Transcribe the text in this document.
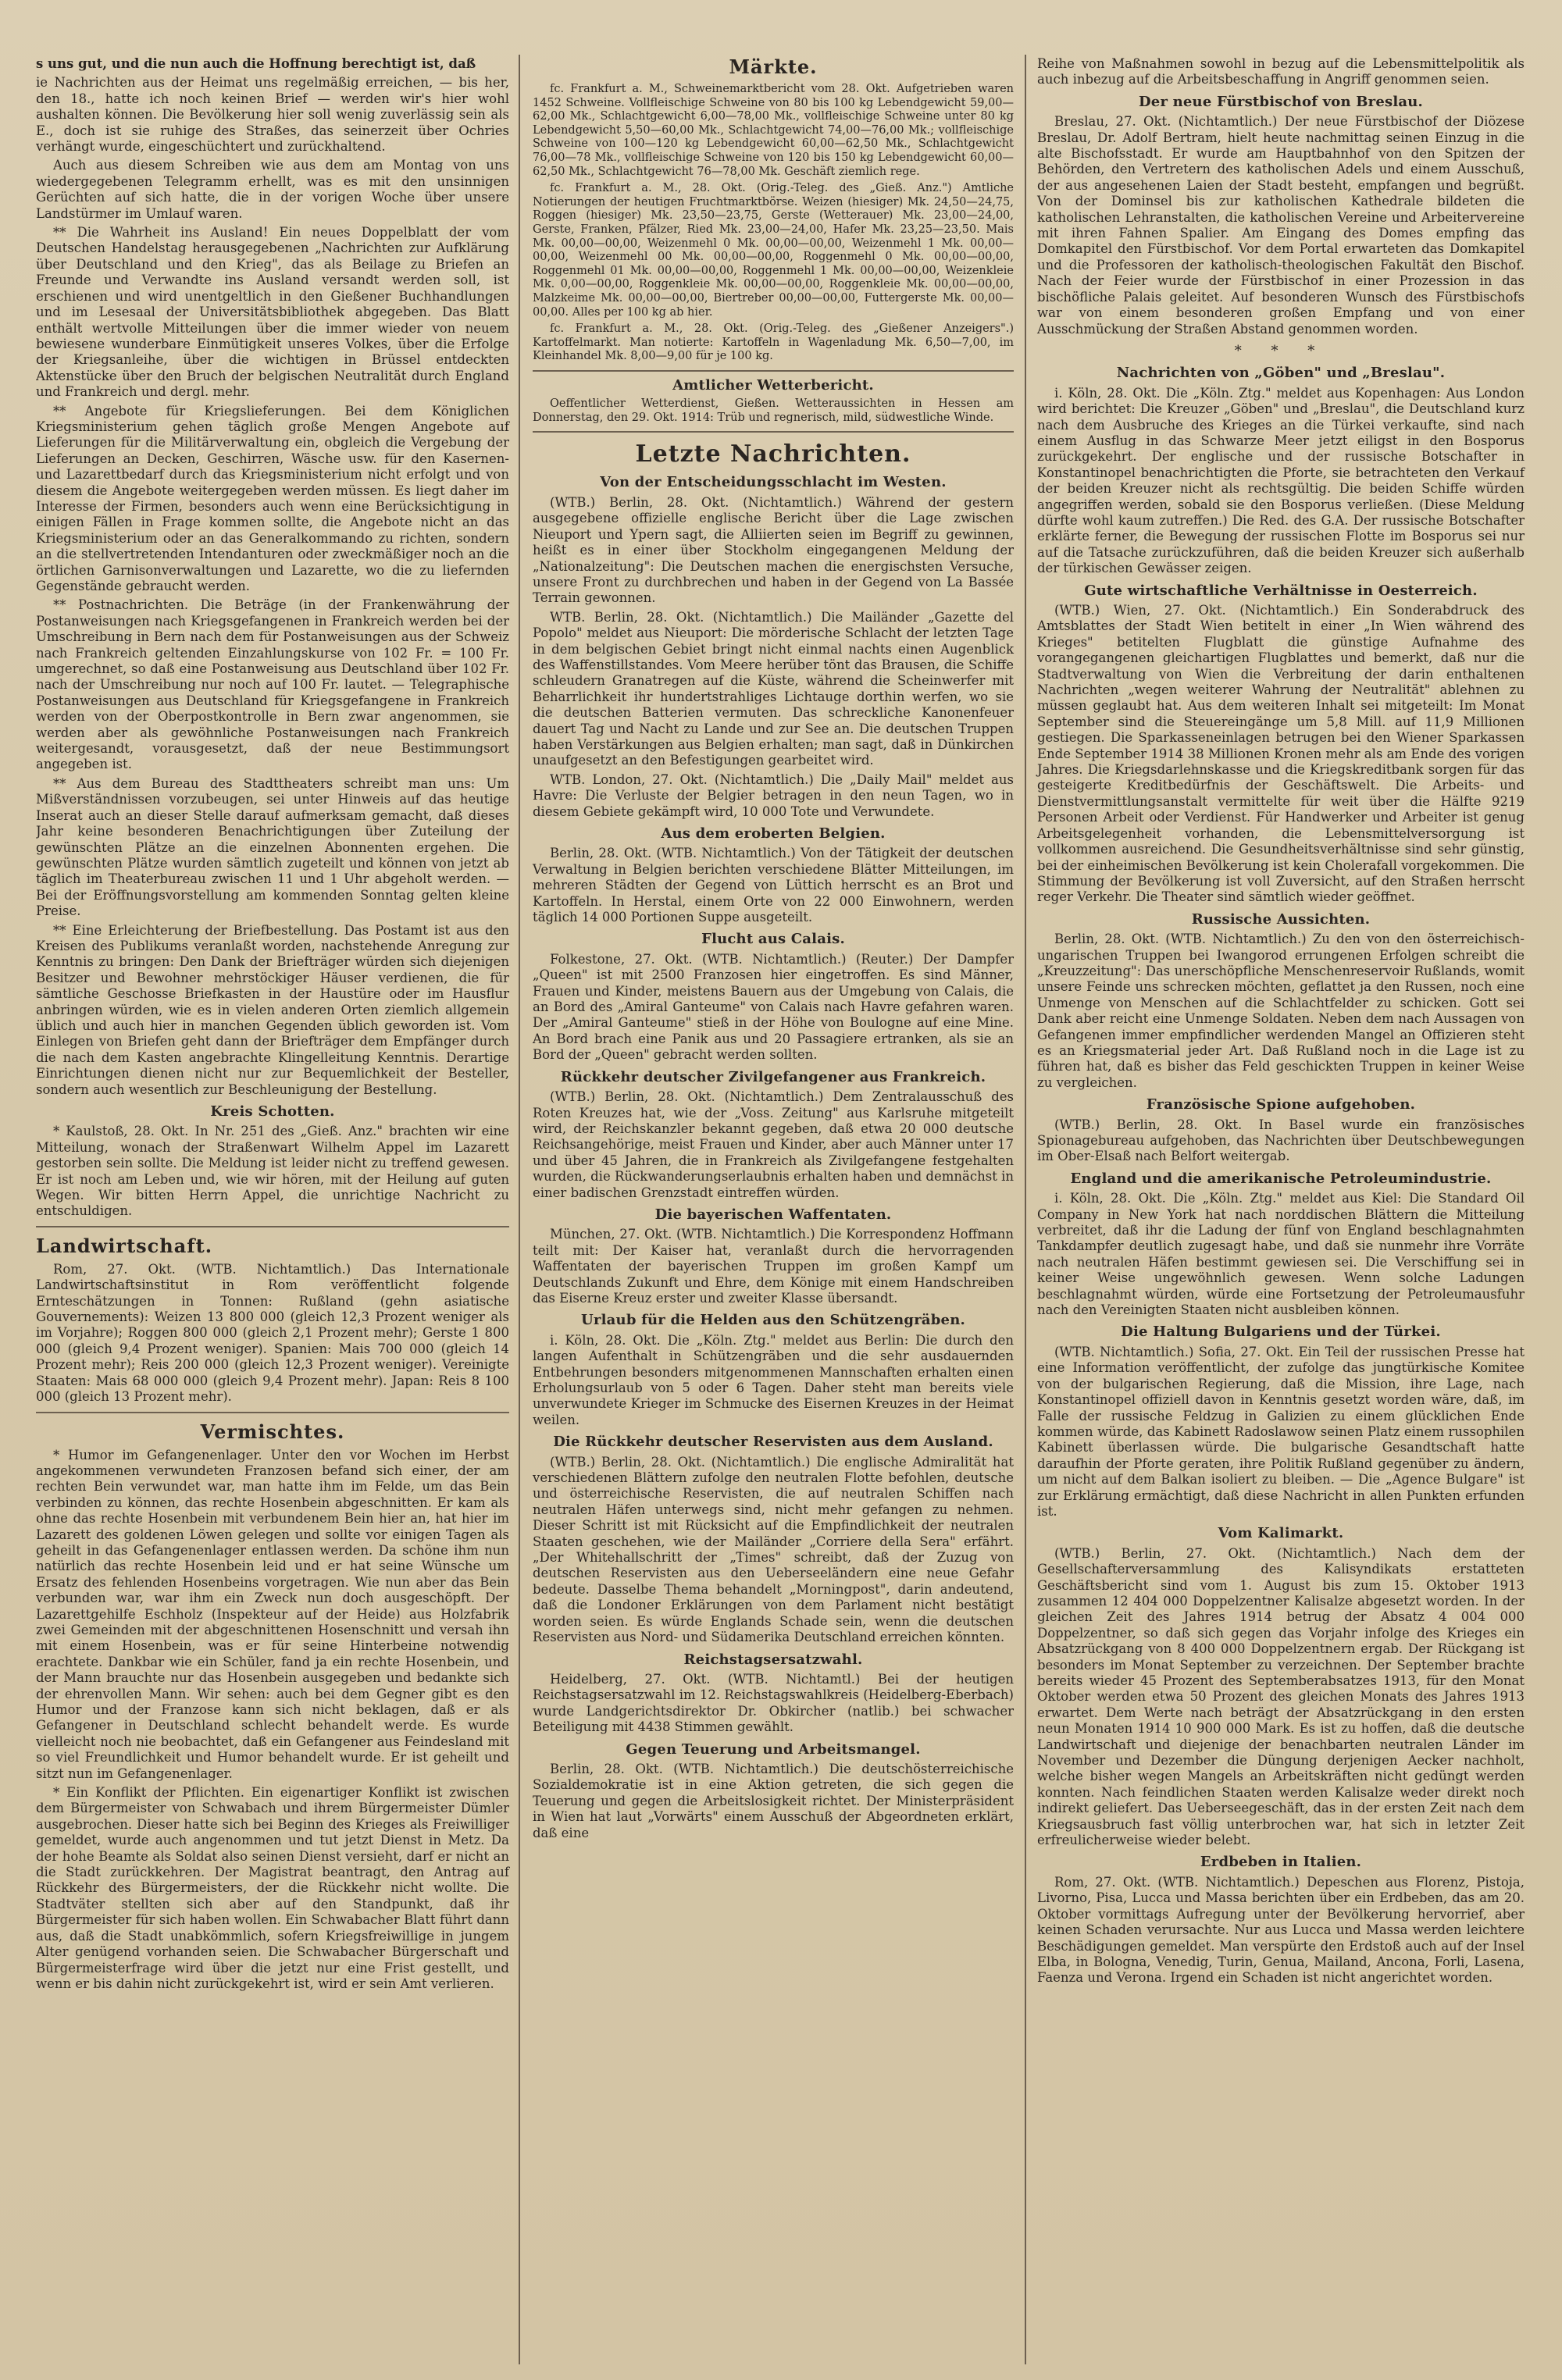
s uns gut, und die nun auch die Hoffnung berechtigt ist, daß

ie Nachrichten aus der Heimat uns regelmäßig erreichen, — bis her, den 18., hatte ich noch keinen Brief — werden wir's hier wohl aushalten können. Die Bevölkerung hier soll wenig zuverlässig sein als E., doch ist sie ruhige des Straßes, das seinerzeit über Ochries verhängt wurde, eingeschüchtert und zurückhaltend.

Auch aus diesem Schreiben wie aus dem am Montag von uns wiedergegebenen Telegramm erhellt, was es mit den unsinnigen Gerüchten auf sich hatte, die in der vorigen Woche über unsere Landstürmer im Umlauf waren.

** Die Wahrheit ins Ausland! Ein neues Doppelblatt der vom Deutschen Handelstag herausgegebenen „Nachrichten zur Aufklärung über Deutschland und den Krieg", das als Beilage zu Briefen an Freunde und Verwandte ins Ausland versandt werden soll, ist erschienen und wird unentgeltlich in den Gießener Buchhandlungen und im Lesesaal der Universitätsbibliothek abgegeben. Das Blatt enthält wertvolle Mitteilungen über die immer wieder von neuem bewiesene wunderbare Einmütigkeit unseres Volkes, über die Erfolge der Kriegsanleihe, über die wichtigen in Brüssel entdeckten Aktenstücke über den Bruch der belgischen Neutralität durch England und Frankreich und dergl. mehr.

** Angebote für Kriegslieferungen. Bei dem Königlichen Kriegsministerium gehen täglich große Mengen Angebote auf Lieferungen für die Militärverwaltung ein, obgleich die Vergebung der Lieferungen an Decken, Geschirren, Wäsche usw. für den Kasernen- und Lazarettbedarf durch das Kriegsministerium nicht erfolgt und von diesem die Angebote weitergegeben werden müssen. Es liegt daher im Interesse der Firmen, besonders auch wenn eine Berücksichtigung in einigen Fällen in Frage kommen sollte, die Angebote nicht an das Kriegsministerium oder an das Generalkommando zu richten, sondern an die stellvertretenden Intendanturen oder zweckmäßiger noch an die örtlichen Garnisonverwaltungen und Lazarette, wo die zu liefernden Gegenstände gebraucht werden.

** Postnachrichten. Die Beträge (in der Frankenwährung der Postanweisungen nach Kriegsgefangenen in Frankreich werden bei der Umschreibung in Bern nach dem für Postanweisungen aus der Schweiz nach Frankreich geltenden Einzahlungskurse von 102 Fr. = 100 Fr. umgerechnet, so daß eine Postanweisung aus Deutschland über 102 Fr. nach der Umschreibung nur noch auf 100 Fr. lautet. — Telegraphische Postanweisungen aus Deutschland für Kriegsgefangene in Frankreich werden von der Oberpostkontrolle in Bern zwar angenommen, sie werden aber als gewöhnliche Postanweisungen nach Frankreich weitergesandt, vorausgesetzt, daß der neue Bestimmungsort angegeben ist.

** Aus dem Bureau des Stadttheaters schreibt man uns: Um Mißverständnissen vorzubeugen, sei unter Hinweis auf das heutige Inserat auch an dieser Stelle darauf aufmerksam gemacht, daß dieses Jahr keine besonderen Benachrichtigungen über Zuteilung der gewünschten Plätze an die einzelnen Abonnenten ergehen. Die gewünschten Plätze wurden sämtlich zugeteilt und können von jetzt ab täglich im Theaterbureau zwischen 11 und 1 Uhr abgeholt werden. — Bei der Eröffnungsvorstellung am kommenden Sonntag gelten kleine Preise.

** Eine Erleichterung der Briefbestellung. Das Postamt ist aus den Kreisen des Publikums veranlaßt worden, nachstehende Anregung zur Kenntnis zu bringen: Den Dank der Briefträger würden sich diejenigen Besitzer und Bewohner mehrstöckiger Häuser verdienen, die für sämtliche Geschosse Briefkasten in der Haustüre oder im Hausflur anbringen würden, wie es in vielen anderen Orten ziemlich allgemein üblich und auch hier in manchen Gegenden üblich geworden ist. Vom Einlegen von Briefen geht dann der Briefträger dem Empfänger durch die nach dem Kasten angebrachte Klingelleitung Kenntnis. Derartige Einrichtungen dienen nicht nur zur Bequemlichkeit der Besteller, sondern auch wesentlich zur Beschleunigung der Bestellung.

Kreis Schotten.

* Kaulstoß, 28. Okt. In Nr. 251 des „Gieß. Anz." brachten wir eine Mitteilung, wonach der Straßenwart Wilhelm Appel im Lazarett gestorben sein sollte. Die Meldung ist leider nicht zu treffend gewesen. Er ist noch am Leben und, wie wir hören, mit der Heilung auf guten Wegen. Wir bitten Herrn Appel, die unrichtige Nachricht zu entschuldigen.

Landwirtschaft.

Rom, 27. Okt. (WTB. Nichtamtlich.) Das Internationale Landwirtschaftsinstitut in Rom veröffentlicht folgende Ernteschätzungen in Tonnen: Rußland (gehn asiatische Gouvernements): Weizen 13 800 000 (gleich 12,3 Prozent weniger als im Vorjahre); Roggen 800 000 (gleich 2,1 Prozent mehr); Gerste 1 800 000 (gleich 9,4 Prozent weniger). Spanien: Mais 700 000 (gleich 14 Prozent mehr); Reis 200 000 (gleich 12,3 Prozent weniger). Vereinigte Staaten: Mais 68 000 000 (gleich 9,4 Prozent mehr). Japan: Reis 8 100 000 (gleich 13 Prozent mehr).

Vermischtes.

* Humor im Gefangenenlager. Unter den vor Wochen im Herbst angekommenen verwundeten Franzosen befand sich einer, der am rechten Bein verwundet war, man hatte ihm im Felde, um das Bein verbinden zu können, das rechte Hosenbein abgeschnitten. Er kam als ohne das rechte Hosenbein mit verbundenem Bein hier an, hat hier im Lazarett des goldenen Löwen gelegen und sollte vor einigen Tagen als geheilt in das Gefangenenlager entlassen werden. Da schöne ihm nun natürlich das rechte Hosenbein leid und er hat seine Wünsche um Ersatz des fehlenden Hosenbeins vorgetragen. Wie nun aber das Bein verbunden war, war ihm ein Zweck nun doch ausgeschöpft. Der Lazarettgehilfe Eschholz (Inspekteur auf der Heide) aus Holzfabrik zwei Gemeinden mit der abgeschnittenen Hosenschnitt und versah ihn mit einem Hosenbein, was er für seine Hinterbeine notwendig erachtete. Dankbar wie ein Schüler, fand ja ein rechte Hosenbein, und der Mann brauchte nur das Hosenbein ausgegeben und bedankte sich der ehrenvollen Mann. Wir sehen: auch bei dem Gegner gibt es den Humor und der Franzose kann sich nicht beklagen, daß er als Gefangener in Deutschland schlecht behandelt werde. Es wurde vielleicht noch nie beobachtet, daß ein Gefangener aus Feindesland mit so viel Freundlichkeit und Humor behandelt wurde. Er ist geheilt und sitzt nun im Gefangenenlager.

* Ein Konflikt der Pflichten. Ein eigenartiger Konflikt ist zwischen dem Bürgermeister von Schwabach und ihrem Bürgermeister Dümler ausgebrochen. Dieser hatte sich bei Beginn des Krieges als Freiwilliger gemeldet, wurde auch angenommen und tut jetzt Dienst in Metz. Da der hohe Beamte als Soldat also seinen Dienst versieht, darf er nicht an die Stadt zurückkehren. Der Magistrat beantragt, den Antrag auf Rückkehr des Bürgermeisters, der die Rückkehr nicht wollte. Die Stadtväter stellten sich aber auf den Standpunkt, daß ihr Bürgermeister für sich haben wollen. Ein Schwabacher Blatt führt dann aus, daß die Stadt unabkömmlich, sofern Kriegsfreiwillige in jungem Alter genügend vorhanden seien. Die Schwabacher Bürgerschaft und Bürgermeisterfrage wird über die jetzt nur eine Frist gestellt, und wenn er bis dahin nicht zurückgekehrt ist, wird er sein Amt verlieren.

Märkte.

fc. Frankfurt a. M., Schweinemarktbericht vom 28. Okt. Aufgetrieben waren 1452 Schweine. Vollfleischige Schweine von 80 bis 100 kg Lebendgewicht 59,00—62,00 Mk., Schlachtgewicht 6,00—78,00 Mk., vollfleischige Schweine unter 80 kg Lebendgewicht 5,50—60,00 Mk., Schlachtgewicht 74,00—76,00 Mk.; vollfleischige Schweine von 100—120 kg Lebendgewicht 60,00—62,50 Mk., Schlachtgewicht 76,00—78 Mk., vollfleischige Schweine von 120 bis 150 kg Lebendgewicht 60,00—62,50 Mk., Schlachtgewicht 76—78,00 Mk. Geschäft ziemlich rege.

fc. Frankfurt a. M., 28. Okt. (Orig.-Teleg. des „Gieß. Anz.") Amtliche Notierungen der heutigen Fruchtmarktbörse. Weizen (hiesiger) Mk. 24,50—24,75, Roggen (hiesiger) Mk. 23,50—23,75, Gerste (Wetterauer) Mk. 23,00—24,00, Gerste, Franken, Pfälzer, Ried Mk. 23,00—24,00, Hafer Mk. 23,25—23,50. Mais Mk. 00,00—00,00, Weizenmehl 0 Mk. 00,00—00,00, Weizenmehl 1 Mk. 00,00—00,00, Weizenmehl 00 Mk. 00,00—00,00, Roggenmehl 0 Mk. 00,00—00,00, Roggenmehl 01 Mk. 00,00—00,00, Roggenmehl 1 Mk. 00,00—00,00, Weizenkleie Mk. 0,00—00,00, Roggenkleie Mk. 00,00—00,00, Roggenkleie Mk. 00,00—00,00, Malzkeime Mk. 00,00—00,00, Biertreber 00,00—00,00, Futtergerste Mk. 00,00—00,00. Alles per 100 kg ab hier.

fc. Frankfurt a. M., 28. Okt. (Orig.-Teleg. des „Gießener Anzeigers".) Kartoffelmarkt. Man notierte: Kartoffeln in Wagenladung Mk. 6,50—7,00, im Kleinhandel Mk. 8,00—9,00 für je 100 kg.

Amtlicher Wetterbericht.

Oeffentlicher Wetterdienst, Gießen. Wetteraussichten in Hessen am Donnerstag, den 29. Okt. 1914: Trüb und regnerisch, mild, südwestliche Winde.

Letzte Nachrichten.
Von der Entscheidungsschlacht im Westen.

(WTB.) Berlin, 28. Okt. (Nichtamtlich.) Während der gestern ausgegebene offizielle englische Bericht über die Lage zwischen Nieuport und Ypern sagt, die Alliierten seien im Begriff zu gewinnen, heißt es in einer über Stockholm eingegangenen Meldung der „Nationalzeitung": Die Deutschen machen die energischsten Versuche, unsere Front zu durchbrechen und haben in der Gegend von La Bassée Terrain gewonnen.

WTB. Berlin, 28. Okt. (Nichtamtlich.) Die Mailänder „Gazette del Popolo" meldet aus Nieuport: Die mörderische Schlacht der letzten Tage in dem belgischen Gebiet bringt nicht einmal nachts einen Augenblick des Waffenstillstandes. Vom Meere herüber tönt das Brausen, die Schiffe schleudern Granatregen auf die Küste, während die Scheinwerfer mit Beharrlichkeit ihr hundertstrahliges Lichtauge dorthin werfen, wo sie die deutschen Batterien vermuten. Das schreckliche Kanonenfeuer dauert Tag und Nacht zu Lande und zur See an. Die deutschen Truppen haben Verstärkungen aus Belgien erhalten; man sagt, daß in Dünkirchen unaufgesetzt an den Befestigungen gearbeitet wird.

WTB. London, 27. Okt. (Nichtamtlich.) Die „Daily Mail" meldet aus Havre: Die Verluste der Belgier betragen in den neun Tagen, wo in diesem Gebiete gekämpft wird, 10 000 Tote und Verwundete.

Aus dem eroberten Belgien.

Berlin, 28. Okt. (WTB. Nichtamtlich.) Von der Tätigkeit der deutschen Verwaltung in Belgien berichten verschiedene Blätter Mitteilungen, im mehreren Städten der Gegend von Lüttich herrscht es an Brot und Kartoffeln. In Herstal, einem Orte von 22 000 Einwohnern, werden täglich 14 000 Portionen Suppe ausgeteilt.

Flucht aus Calais.

Folkestone, 27. Okt. (WTB. Nichtamtlich.) (Reuter.) Der Dampfer „Queen" ist mit 2500 Franzosen hier eingetroffen. Es sind Männer, Frauen und Kinder, meistens Bauern aus der Umgebung von Calais, die an Bord des „Amiral Ganteume" von Calais nach Havre gefahren waren. Der „Amiral Ganteume" stieß in der Höhe von Boulogne auf eine Mine. An Bord brach eine Panik aus und 20 Passagiere ertranken, als sie an Bord der „Queen" gebracht werden sollten.

Rückkehr deutscher Zivilgefangener aus Frankreich.

(WTB.) Berlin, 28. Okt. (Nichtamtlich.) Dem Zentralausschuß des Roten Kreuzes hat, wie der „Voss. Zeitung" aus Karlsruhe mitgeteilt wird, der Reichskanzler bekannt gegeben, daß etwa 20 000 deutsche Reichsangehörige, meist Frauen und Kinder, aber auch Männer unter 17 und über 45 Jahren, die in Frankreich als Zivilgefangene festgehalten wurden, die Rückwanderungserlaubnis erhalten haben und demnächst in einer badischen Grenzstadt eintreffen würden.

Die bayerischen Waffentaten.

München, 27. Okt. (WTB. Nichtamtlich.) Die Korrespondenz Hoffmann teilt mit: Der Kaiser hat, veranlaßt durch die hervorragenden Waffentaten der bayerischen Truppen im großen Kampf um Deutschlands Zukunft und Ehre, dem Könige mit einem Handschreiben das Eiserne Kreuz erster und zweiter Klasse übersandt.

Urlaub für die Helden aus den Schützengräben.

i. Köln, 28. Okt. Die „Köln. Ztg." meldet aus Berlin: Die durch den langen Aufenthalt in Schützengräben und die sehr ausdauernden Entbehrungen besonders mitgenommenen Mannschaften erhalten einen Erholungsurlaub von 5 oder 6 Tagen. Daher steht man bereits viele unverwundete Krieger im Schmucke des Eisernen Kreuzes in der Heimat weilen.

Die Rückkehr deutscher Reservisten aus dem Ausland.

(WTB.) Berlin, 28. Okt. (Nichtamtlich.) Die englische Admiralität hat verschiedenen Blättern zufolge den neutralen Flotte befohlen, deutsche und österreichische Reservisten, die auf neutralen Schiffen nach neutralen Häfen unterwegs sind, nicht mehr gefangen zu nehmen. Dieser Schritt ist mit Rücksicht auf die Empfindlichkeit der neutralen Staaten geschehen, wie der Mailänder „Corriere della Sera" erfährt. „Der Whitehallschritt der „Times" schreibt, daß der Zuzug von deutschen Reservisten aus den Ueberseeländern eine neue Gefahr bedeute. Dasselbe Thema behandelt „Morningpost", darin andeutend, daß die Londoner Erklärungen von dem Parlament nicht bestätigt worden seien. Es würde Englands Schade sein, wenn die deutschen Reservisten aus Nord- und Südamerika Deutschland erreichen könnten.

Reichstagsersatzwahl.

Heidelberg, 27. Okt. (WTB. Nichtamtl.) Bei der heutigen Reichstagsersatzwahl im 12. Reichstagswahlkreis (Heidelberg-Eberbach) wurde Landgerichtsdirektor Dr. Obkircher (natlib.) bei schwacher Beteiligung mit 4438 Stimmen gewählt.

Gegen Teuerung und Arbeitsmangel.

Berlin, 28. Okt. (WTB. Nichtamtlich.) Die deutschösterreichische Sozialdemokratie ist in eine Aktion getreten, die sich gegen die Teuerung und gegen die Arbeitslosigkeit richtet. Der Ministerpräsident in Wien hat laut „Vorwärts" einem Ausschuß der Abgeordneten erklärt, daß eine

Reihe von Maßnahmen sowohl in bezug auf die Lebensmittelpolitik als auch inbezug auf die Arbeitsbeschaffung in Angriff genommen seien.

Der neue Fürstbischof von Breslau.

Breslau, 27. Okt. (Nichtamtlich.) Der neue Fürstbischof der Diözese Breslau, Dr. Adolf Bertram, hielt heute nachmittag seinen Einzug in die alte Bischofsstadt. Er wurde am Hauptbahnhof von den Spitzen der Behörden, den Vertretern des katholischen Adels und einem Ausschuß, der aus angesehenen Laien der Stadt besteht, empfangen und begrüßt. Von der Dominsel bis zur katholischen Kathedrale bildeten die katholischen Lehranstalten, die katholischen Vereine und Arbeitervereine mit ihren Fahnen Spalier. Am Eingang des Domes empfing das Domkapitel den Fürstbischof. Vor dem Portal erwarteten das Domkapitel und die Professoren der katholisch-theologischen Fakultät den Bischof. Nach der Feier wurde der Fürstbischof in einer Prozession in das bischöfliche Palais geleitet. Auf besonderen Wunsch des Fürstbischofs war von einem besonderen großen Empfang und von einer Ausschmückung der Straßen Abstand genommen worden.

* * *
Nachrichten von „Göben" und „Breslau".

i. Köln, 28. Okt. Die „Köln. Ztg." meldet aus Kopenhagen: Aus London wird berichtet: Die Kreuzer „Göben" und „Breslau", die Deutschland kurz nach dem Ausbruche des Krieges an die Türkei verkaufte, sind nach einem Ausflug in das Schwarze Meer jetzt eiligst in den Bosporus zurückgekehrt. Der englische und der russische Botschafter in Konstantinopel benachrichtigten die Pforte, sie betrachteten den Verkauf der beiden Kreuzer nicht als rechtsgültig. Die beiden Schiffe würden angegriffen werden, sobald sie den Bosporus verließen. (Diese Meldung dürfte wohl kaum zutreffen.) Die Red. des G.A. Der russische Botschafter erklärte ferner, die Bewegung der russischen Flotte im Bosporus sei nur auf die Tatsache zurückzuführen, daß die beiden Kreuzer sich außerhalb der türkischen Gewässer zeigen.

Gute wirtschaftliche Verhältnisse in Oesterreich.

(WTB.) Wien, 27. Okt. (Nichtamtlich.) Ein Sonderabdruck des Amtsblattes der Stadt Wien betitelt in einer „In Wien während des Krieges" betitelten Flugblatt die günstige Aufnahme des vorangegangenen gleichartigen Flugblattes und bemerkt, daß nur die Stadtverwaltung von Wien die Verbreitung der darin enthaltenen Nachrichten „wegen weiterer Wahrung der Neutralität" ablehnen zu müssen geglaubt hat. Aus dem weiteren Inhalt sei mitgeteilt: Im Monat September sind die Steuereingänge um 5,8 Mill. auf 11,9 Millionen gestiegen. Die Sparkasseneinlagen betrugen bei den Wiener Sparkassen Ende September 1914 38 Millionen Kronen mehr als am Ende des vorigen Jahres. Die Kriegsdarlehnskasse und die Kriegskreditbank sorgen für das gesteigerte Kreditbedürfnis der Geschäftswelt. Die Arbeits- und Dienstvermittlungsanstalt vermittelte für weit über die Hälfte 9219 Personen Arbeit oder Verdienst. Für Handwerker und Arbeiter ist genug Arbeitsgelegenheit vorhanden, die Lebensmittelversorgung ist vollkommen ausreichend. Die Gesundheitsverhältnisse sind sehr günstig, bei der einheimischen Bevölkerung ist kein Cholerafall vorgekommen. Die Stimmung der Bevölkerung ist voll Zuversicht, auf den Straßen herrscht reger Verkehr. Die Theater sind sämtlich wieder geöffnet.

Russische Aussichten.

Berlin, 28. Okt. (WTB. Nichtamtlich.) Zu den von den österreichisch-ungarischen Truppen bei Iwangorod errungenen Erfolgen schreibt die „Kreuzzeitung": Das unerschöpfliche Menschenreservoir Rußlands, womit unsere Feinde uns schrecken möchten, geflattet ja den Russen, noch eine Unmenge von Menschen auf die Schlachtfelder zu schicken. Gott sei Dank aber reicht eine Unmenge Soldaten. Neben dem nach Aussagen von Gefangenen immer empfindlicher werdenden Mangel an Offizieren steht es an Kriegsmaterial jeder Art. Daß Rußland noch in die Lage ist zu führen hat, daß es bisher das Feld geschickten Truppen in keiner Weise zu vergleichen.

Französische Spione aufgehoben.

(WTB.) Berlin, 28. Okt. In Basel wurde ein französisches Spionagebureau aufgehoben, das Nachrichten über Deutschbewegungen im Ober-Elsaß nach Belfort weitergab.

England und die amerikanische Petroleumindustrie.

i. Köln, 28. Okt. Die „Köln. Ztg." meldet aus Kiel: Die Standard Oil Company in New York hat nach norddischen Blättern die Mitteilung verbreitet, daß ihr die Ladung der fünf von England beschlagnahmten Tankdampfer deutlich zugesagt habe, und daß sie nunmehr ihre Vorräte nach neutralen Häfen bestimmt gewiesen sei. Die Verschiffung sei in keiner Weise ungewöhnlich gewesen. Wenn solche Ladungen beschlagnahmt würden, würde eine Fortsetzung der Petroleumausfuhr nach den Vereinigten Staaten nicht ausbleiben können.

Die Haltung Bulgariens und der Türkei.

(WTB. Nichtamtlich.) Sofia, 27. Okt. Ein Teil der russischen Presse hat eine Information veröffentlicht, der zufolge das jungtürkische Komitee von der bulgarischen Regierung, daß die Mission, ihre Lage, nach Konstantinopel offiziell davon in Kenntnis gesetzt worden wäre, daß, im Falle der russische Feldzug in Galizien zu einem glücklichen Ende kommen würde, das Kabinett Radoslawow seinen Platz einem russophilen Kabinett überlassen würde. Die bulgarische Gesandtschaft hatte daraufhin der Pforte geraten, ihre Politik Rußland gegenüber zu ändern, um nicht auf dem Balkan isoliert zu bleiben. — Die „Agence Bulgare" ist zur Erklärung ermächtigt, daß diese Nachricht in allen Punkten erfunden ist.

Vom Kalimarkt.

(WTB.) Berlin, 27. Okt. (Nichtamtlich.) Nach dem der Gesellschafterversammlung des Kalisyndikats erstatteten Geschäftsbericht sind vom 1. August bis zum 15. Oktober 1913 zusammen 12 404 000 Doppelzentner Kalisalze abgesetzt worden. In der gleichen Zeit des Jahres 1914 betrug der Absatz 4 004 000 Doppelzentner, so daß sich gegen das Vorjahr infolge des Krieges ein Absatzrückgang von 8 400 000 Doppelzentnern ergab. Der Rückgang ist besonders im Monat September zu verzeichnen. Der September brachte bereits wieder 45 Prozent des Septemberabsatzes 1913, für den Monat Oktober werden etwa 50 Prozent des gleichen Monats des Jahres 1913 erwartet. Dem Werte nach beträgt der Absatzrückgang in den ersten neun Monaten 1914 10 900 000 Mark. Es ist zu hoffen, daß die deutsche Landwirtschaft und diejenige der benachbarten neutralen Länder im November und Dezember die Düngung derjenigen Aecker nachholt, welche bisher wegen Mangels an Arbeitskräften nicht gedüngt werden konnten. Nach feindlichen Staaten werden Kalisalze weder direkt noch indirekt geliefert. Das Ueberseegeschäft, das in der ersten Zeit nach dem Kriegsausbruch fast völlig unterbrochen war, hat sich in letzter Zeit erfreulicherweise wieder belebt.

Erdbeben in Italien.

Rom, 27. Okt. (WTB. Nichtamtlich.) Depeschen aus Florenz, Pistoja, Livorno, Pisa, Lucca und Massa berichten über ein Erdbeben, das am 20. Oktober vormittags Aufregung unter der Bevölkerung hervorrief, aber keinen Schaden verursachte. Nur aus Lucca und Massa werden leichtere Beschädigungen gemeldet. Man verspürte den Erdstoß auch auf der Insel Elba, in Bologna, Venedig, Turin, Genua, Mailand, Ancona, Forli, Lasena, Faenza und Verona. Irgend ein Schaden ist nicht angerichtet worden.
